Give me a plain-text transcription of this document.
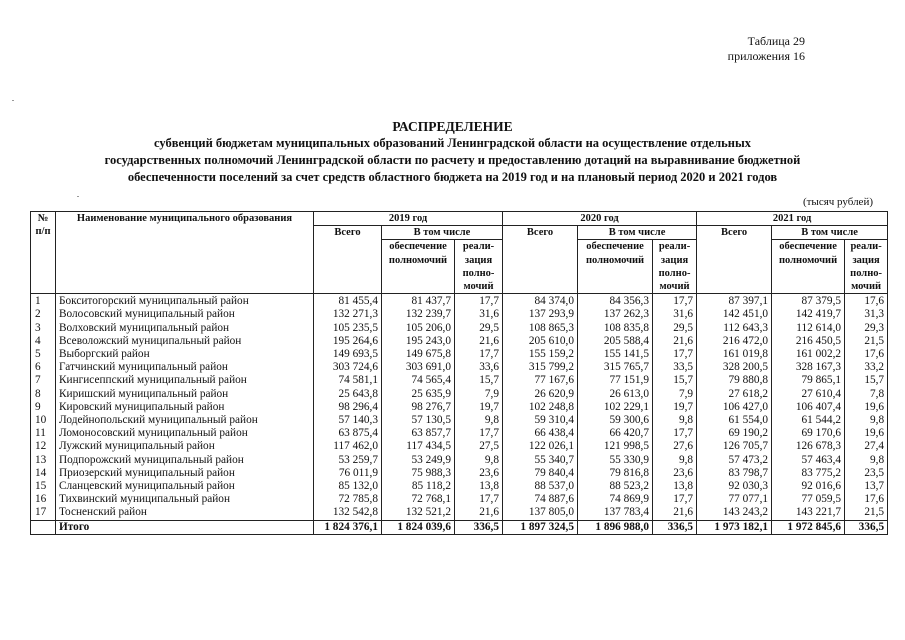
Таблица 29
приложения 16
РАСПРЕДЕЛЕНИЕ
субвенций бюджетам муниципальных образований Ленинградской области на осуществление отдельных
государственных полномочий Ленинградской области по расчету и предоставлению дотаций на выравнивание бюджетной
обеспеченности поселений за счет средств областного бюджета на 2019 год и на плановый период 2020 и 2021 годов
(тысяч рублей)
№ п/п	Наименование муниципального образования	2019 год			2020 год			2021 год		
		Всего	В том числе		Всего	В том числе		Всего	В том числе	
			обеспечение полномочий	реали- зация полно- мочий		обеспечение полномочий	реали- зация полно- мочий		обеспечение полномочий	реали- зация полно- мочий
1	Бокситогорский муниципальный район	81 455,4	81 437,7	17,7	84 374,0	84 356,3	17,7	87 397,1	87 379,5	17,6
2	Волосовский муниципальный район	132 271,3	132 239,7	31,6	137 293,9	137 262,3	31,6	142 451,0	142 419,7	31,3
3	Волховский муниципальный район	105 235,5	105 206,0	29,5	108 865,3	108 835,8	29,5	112 643,3	112 614,0	29,3
4	Всеволожский муниципальный район	195 264,6	195 243,0	21,6	205 610,0	205 588,4	21,6	216 472,0	216 450,5	21,5
5	Выборгский район	149 693,5	149 675,8	17,7	155 159,2	155 141,5	17,7	161 019,8	161 002,2	17,6
6	Гатчинский муниципальный район	303 724,6	303 691,0	33,6	315 799,2	315 765,7	33,5	328 200,5	328 167,3	33,2
7	Кингисеппский муниципальный район	74 581,1	74 565,4	15,7	77 167,6	77 151,9	15,7	79 880,8	79 865,1	15,7
8	Киришский муниципальный район	25 643,8	25 635,9	7,9	26 620,9	26 613,0	7,9	27 618,2	27 610,4	7,8
9	Кировский муниципальный район	98 296,4	98 276,7	19,7	102 248,8	102 229,1	19,7	106 427,0	106 407,4	19,6
10	Лодейнопольский муниципальный район	57 140,3	57 130,5	9,8	59 310,4	59 300,6	9,8	61 554,0	61 544,2	9,8
11	Ломоносовский муниципальный район	63 875,4	63 857,7	17,7	66 438,4	66 420,7	17,7	69 190,2	69 170,6	19,6
12	Лужский муниципальный район	117 462,0	117 434,5	27,5	122 026,1	121 998,5	27,6	126 705,7	126 678,3	27,4
13	Подпорожский муниципальный район	53 259,7	53 249,9	9,8	55 340,7	55 330,9	9,8	57 473,2	57 463,4	9,8
14	Приозерский муниципальный район	76 011,9	75 988,3	23,6	79 840,4	79 816,8	23,6	83 798,7	83 775,2	23,5
15	Сланцевский муниципальный район	85 132,0	85 118,2	13,8	88 537,0	88 523,2	13,8	92 030,3	92 016,6	13,7
16	Тихвинский муниципальный район	72 785,8	72 768,1	17,7	74 887,6	74 869,9	17,7	77 077,1	77 059,5	17,6
17	Тосненский район	132 542,8	132 521,2	21,6	137 805,0	137 783,4	21,6	143 243,2	143 221,7	21,5
	Итого	1 824 376,1	1 824 039,6	336,5	1 897 324,5	1 896 988,0	336,5	1 973 182,1	1 972 845,6	336,5
